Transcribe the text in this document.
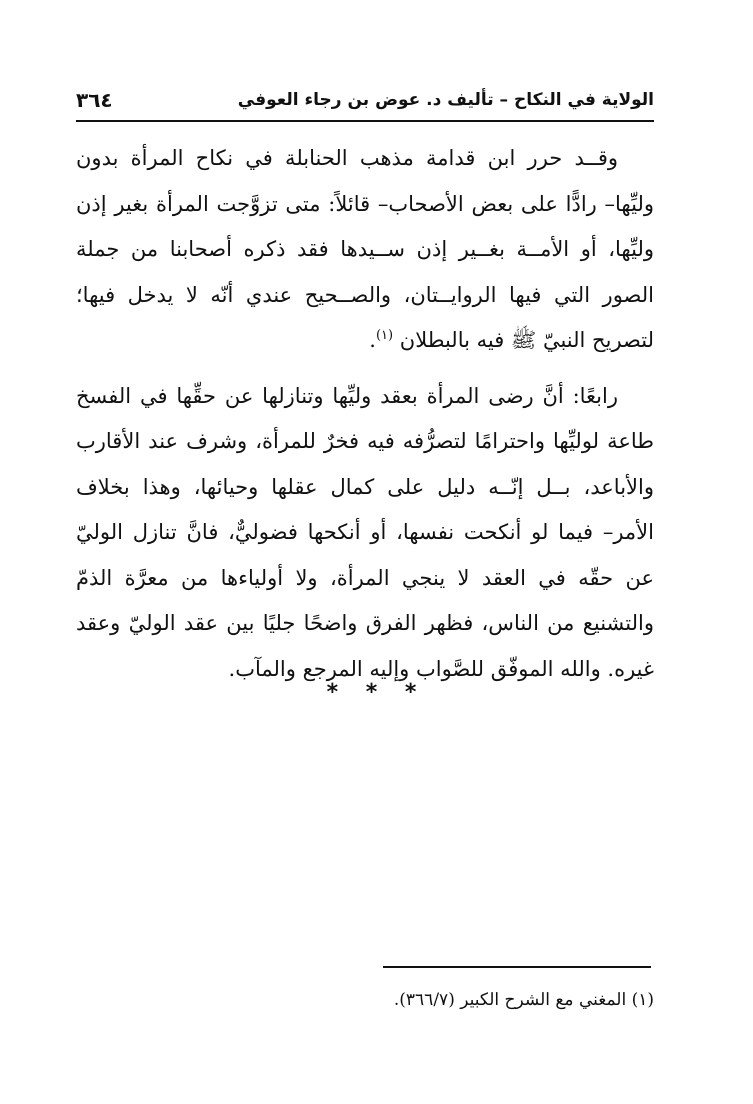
الولاية في النكاح – تأليف د. عوض بن رجاء العوفي
٣٦٤

وقــد حرر ابن قدامة مذهب الحنابلة في نكاح المرأة بدون وليِّها– رادًّا على بعض الأصحاب– قائلاً: متى تزوَّجت المرأة بغير إذن وليِّها، أو الأمــة بغــير إذن ســيدها فقد ذكره أصحابنا من جملة الصور التي فيها الروايــتان، والصــحيح عندي أنّه لا يدخل فيها؛ لتصريح النبيّ ﷺ فيه بالبطلان $^{(١)}$.

رابعًا: أنَّ رضى المرأة بعقد وليِّها وتنازلها عن حقِّها في الفسخ طاعة لوليِّها واحترامًا لتصرُّفه فيه فخرٌ للمرأة، وشرف عند الأقارب والأباعد، بــل إنّــه دليل على كمال عقلها وحيائها، وهذا بخلاف الأمر– فيما لو أنكحت نفسها، أو أنكحها فضوليٌّ، فانَّ تنازل الوليّ عن حقّه في العقد لا ينجي المرأة، ولا أولياءها من معرَّة الذمّ والتشنيع من الناس، فظهر الفرق واضحًا جليًا بين عقد الوليّ وعقد غيره. والله الموفّق للصَّواب وإليه المرجع والمآب.

* * *
(١) المغني مع الشرح الكبير (٣٦٦/٧).
